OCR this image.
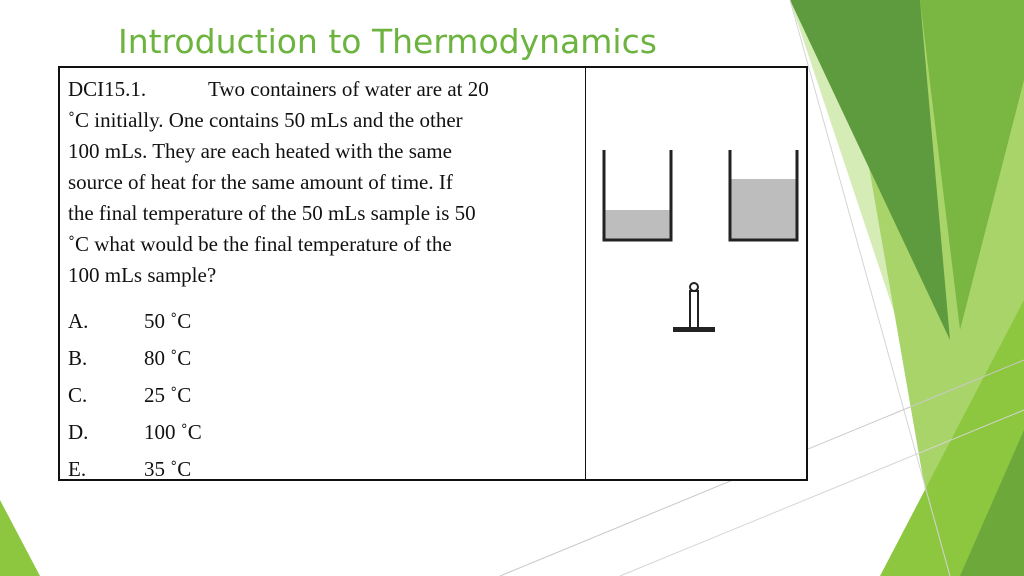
Introduction to Thermodynamics

DCI15.1.	Two containers of water are at 20
˚C initially. One contains 50 mLs and the other
100 mLs. They are each heated with the same
source of heat for the same amount of time. If
the final temperature of the 50 mLs sample is 50
˚C what would be the final temperature of the
100 mLs sample?

A.	50 ˚C
B.	80 ˚C
C.	25 ˚C
D.	100 ˚C
E.	35 ˚C
